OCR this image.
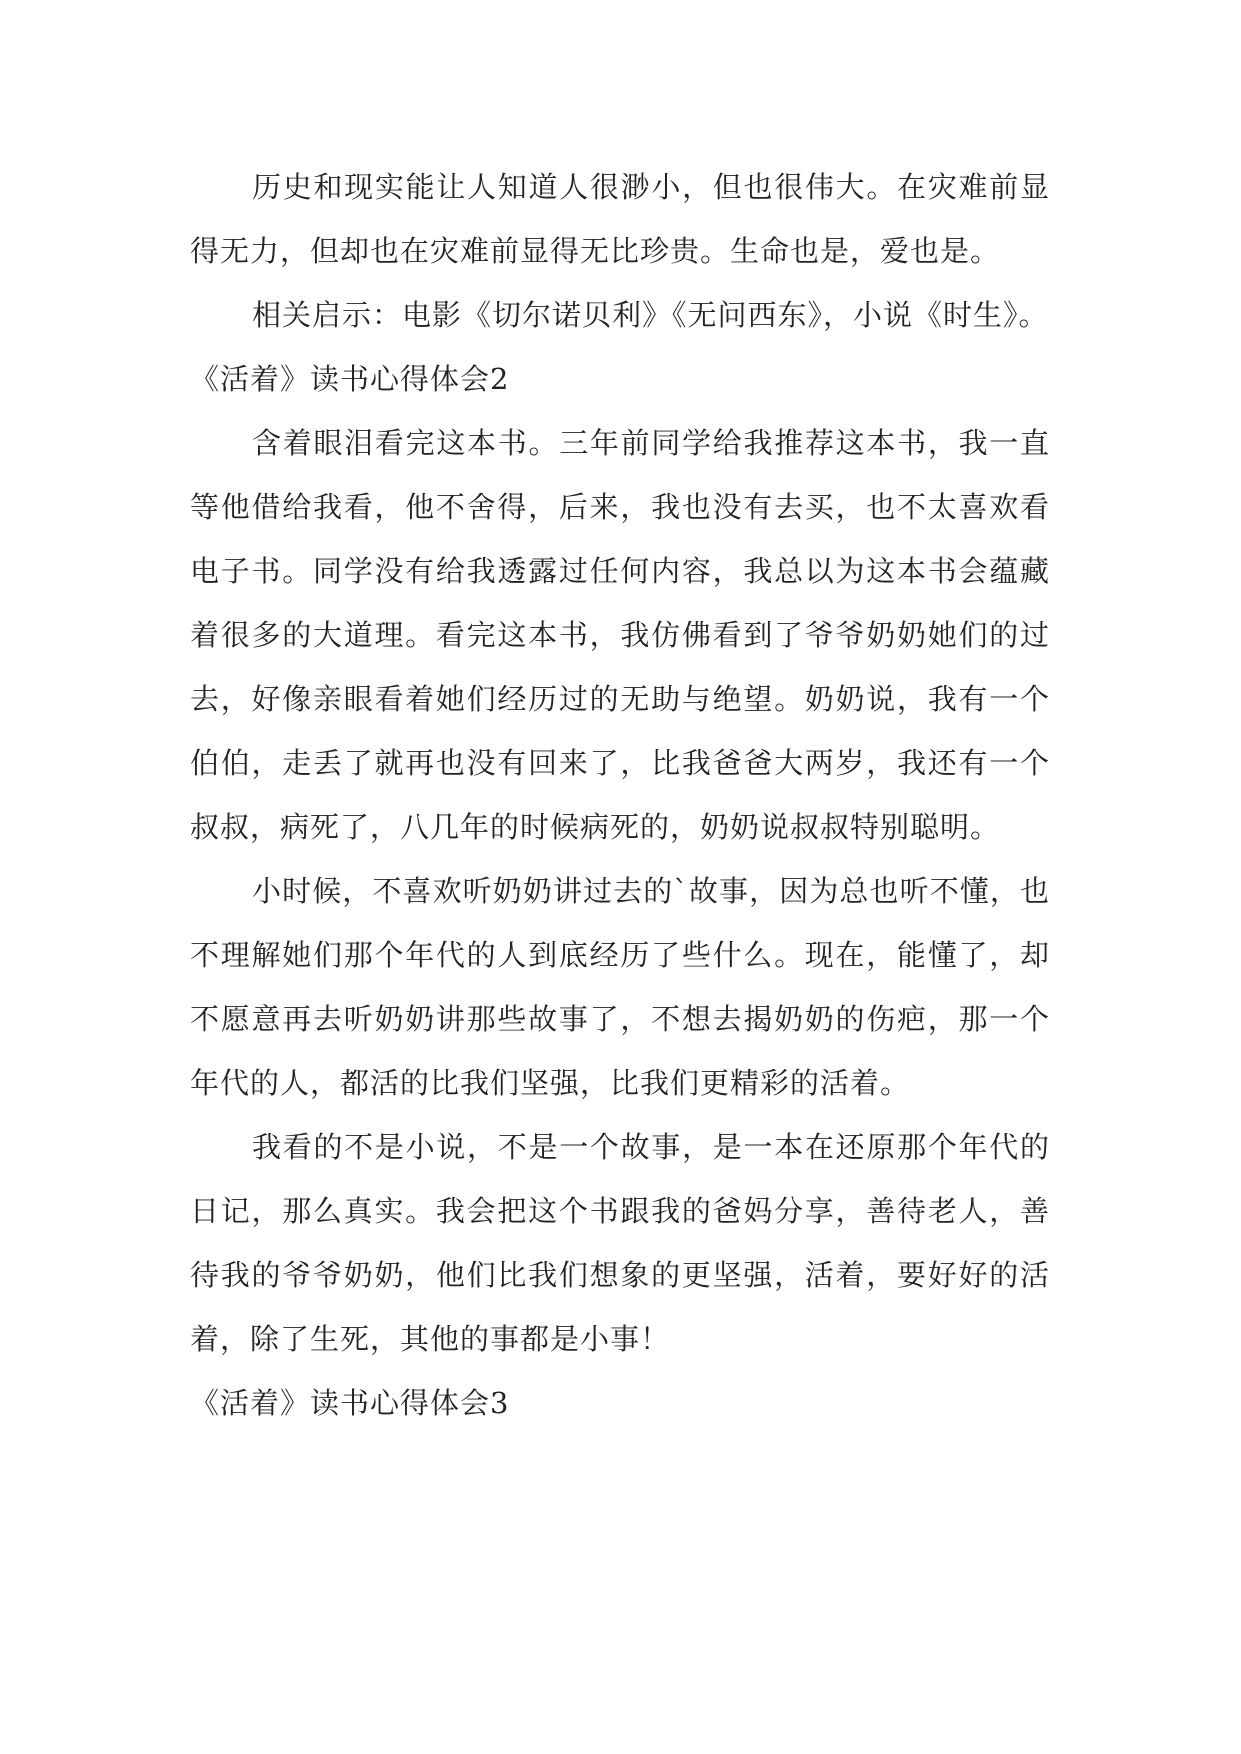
历史和现实能让人知道人很渺小，但也很伟大。在灾难前显得无力，但却也在灾难前显得无比珍贵。生命也是，爱也是。

相关启示：电影《切尔诺贝利》《无问西东》，小说《时生》。

《活着》读书心得体会2

含着眼泪看完这本书。三年前同学给我推荐这本书，我一直等他借给我看，他不舍得，后来，我也没有去买，也不太喜欢看电子书。同学没有给我透露过任何内容，我总以为这本书会蕴藏着很多的大道理。看完这本书，我仿佛看到了爷爷奶奶她们的过去，好像亲眼看着她们经历过的无助与绝望。奶奶说，我有一个伯伯，走丢了就再也没有回来了，比我爸爸大两岁，我还有一个叔叔，病死了，八几年的时候病死的，奶奶说叔叔特别聪明。

小时候，不喜欢听奶奶讲过去的`故事，因为总也听不懂，也不理解她们那个年代的人到底经历了些什么。现在，能懂了，却不愿意再去听奶奶讲那些故事了，不想去揭奶奶的伤疤，那一个年代的人，都活的比我们坚强，比我们更精彩的活着。

我看的不是小说，不是一个故事，是一本在还原那个年代的日记，那么真实。我会把这个书跟我的爸妈分享，善待老人，善待我的爷爷奶奶，他们比我们想象的更坚强，活着，要好好的活着，除了生死，其他的事都是小事！

《活着》读书心得体会3
